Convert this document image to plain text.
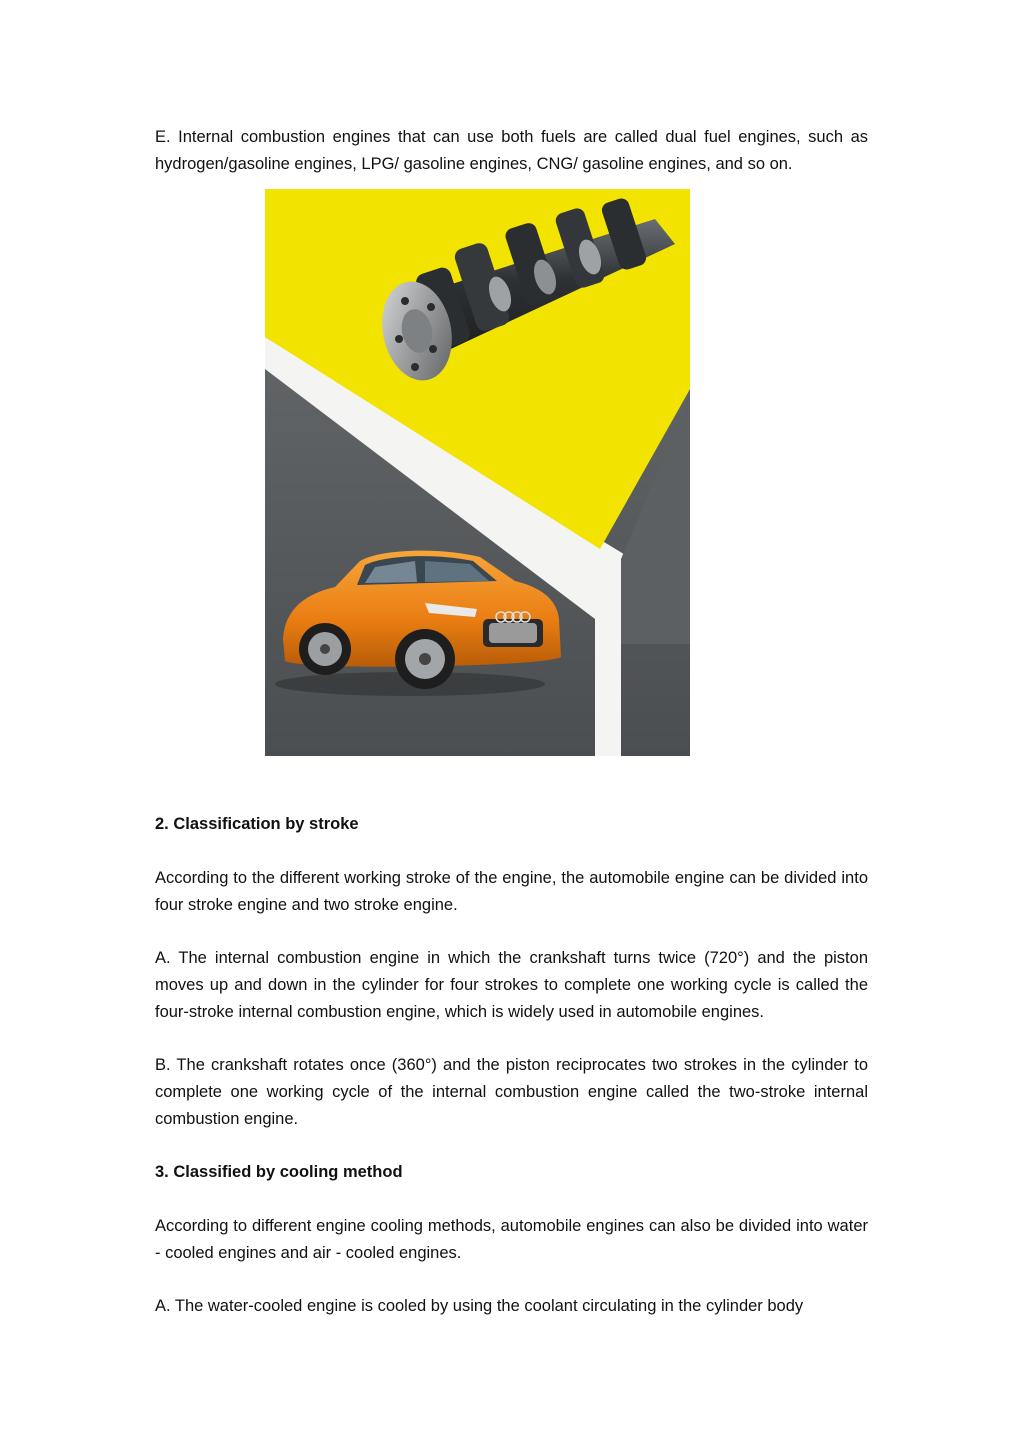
E. Internal combustion engines that can use both fuels are called dual fuel engines, such as hydrogen/gasoline engines, LPG/ gasoline engines, CNG/ gasoline engines, and so on.

2. Classification by stroke

According to the different working stroke of the engine, the automobile engine can be divided into four stroke engine and two stroke engine.

A. The internal combustion engine in which the crankshaft turns twice (720°) and the piston moves up and down in the cylinder for four strokes to complete one working cycle is called the four-stroke internal combustion engine, which is widely used in automobile engines.

B. The crankshaft rotates once (360°) and the piston reciprocates two strokes in the cylinder to complete one working cycle of the internal combustion engine called the two-stroke internal combustion engine.

3. Classified by cooling method

According to different engine cooling methods, automobile engines can also be divided into water - cooled engines and air - cooled engines.

A. The water-cooled engine is cooled by using the coolant circulating in the cylinder body
